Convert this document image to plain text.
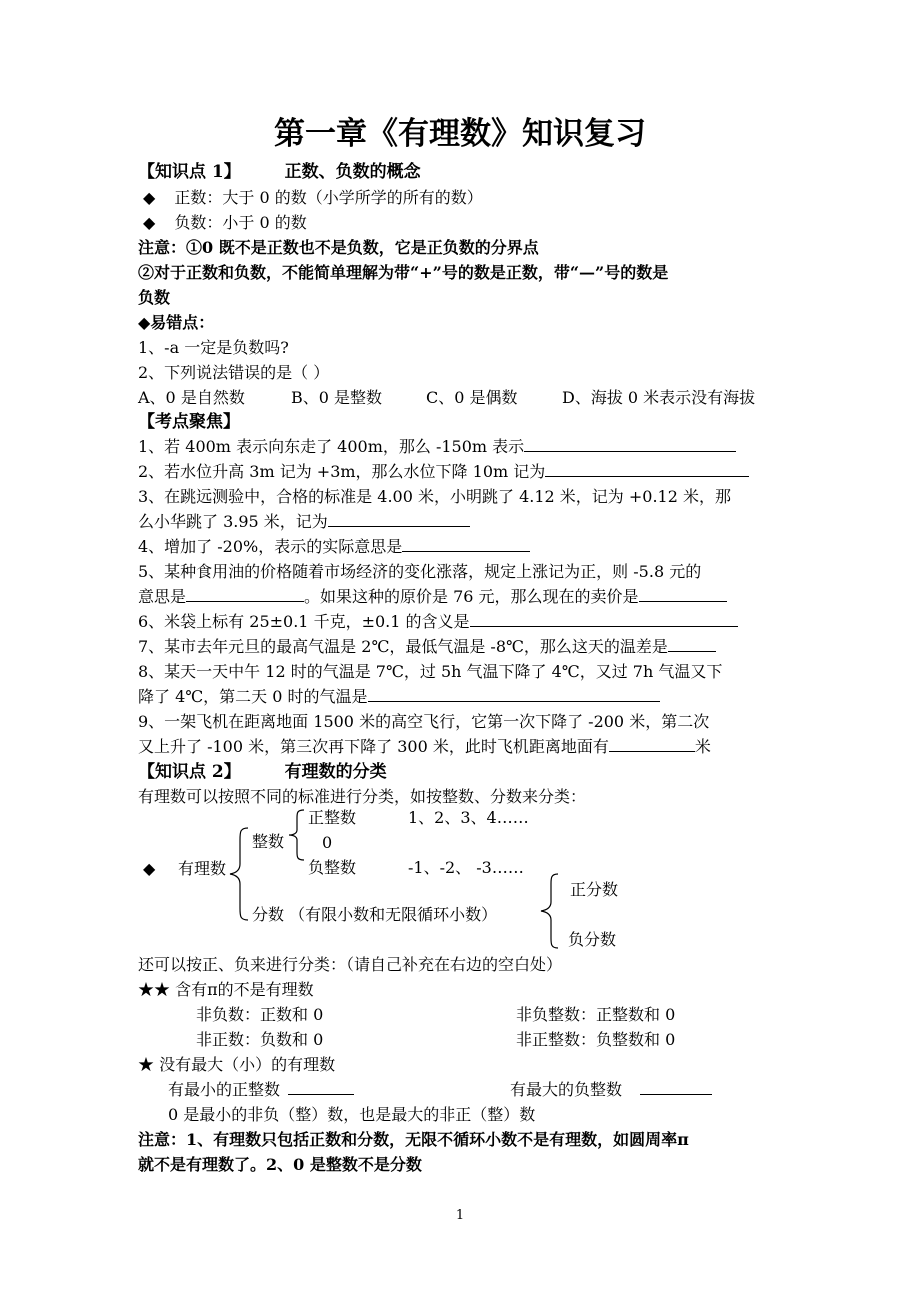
第一章《有理数》知识复习
【知识点 1】	正数、负数的概念
◆ 正数：大于 0 的数（小学所学的所有的数）
◆ 负数：小于 0 的数
注意：①0 既不是正数也不是负数，它是正负数的分界点
②对于正数和负数，不能简单理解为带“+”号的数是正数，带“—”号的数是
负数
◆易错点：
1、-a 一定是负数吗?
2、下列说法错误的是（ ）
A、0 是自然数	B、0 是整数	C、0 是偶数	D、海拔 0 米表示没有海拔
【考点聚焦】
1、若 400m 表示向东走了 400m，那么 -150m 表示
2、若水位升高 3m 记为 +3m，那么水位下降 10m 记为
3、在跳远测验中，合格的标准是 4.00 米，小明跳了 4.12 米，记为 +0.12 米，那
么小华跳了 3.95 米，记为
4、增加了 -20%，表示的实际意思是
5、某种食用油的价格随着市场经济的变化涨落，规定上涨记为正，则 -5.8 元的
意思是	。如果这种的原价是 76 元，那么现在的卖价是
6、米袋上标有 25±0.1 千克，±0.1 的含义是
7、某市去年元旦的最高气温是 2℃，最低气温是 -8℃，那么这天的温差是
8、某天一天中午 12 时的气温是 7℃，过 5h 气温下降了 4℃，又过 7h 气温又下
降了 4℃，第二天 0 时的气温是
9、一架飞机在距离地面 1500 米的高空飞行，它第一次下降了 -200 米，第二次
又上升了 -100 米，第三次再下降了 300 米，此时飞机距离地面有	米
【知识点 2】	有理数的分类
有理数可以按照不同的标准进行分类，如按整数、分数来分类：
◆ 有理数
整数
正整数	1、2、3、4……
0
负整数	-1、-2、 -3……
分数 （有限小数和无限循环小数）
正分数
负分数
还可以按正、负来进行分类：（请自己补充在右边的空白处）
★★ 含有π的不是有理数
非负数：正数和 0	非负整数：正整数和 0
非正数：负数和 0	非正整数：负整数和 0
★ 没有最大（小）的有理数
有最小的正整数	有最大的负整数
0 是最小的非负（整）数，也是最大的非正（整）数
注意：1、有理数只包括正数和分数，无限不循环小数不是有理数，如圆周率π
就不是有理数了。2、0 是整数不是分数
1
